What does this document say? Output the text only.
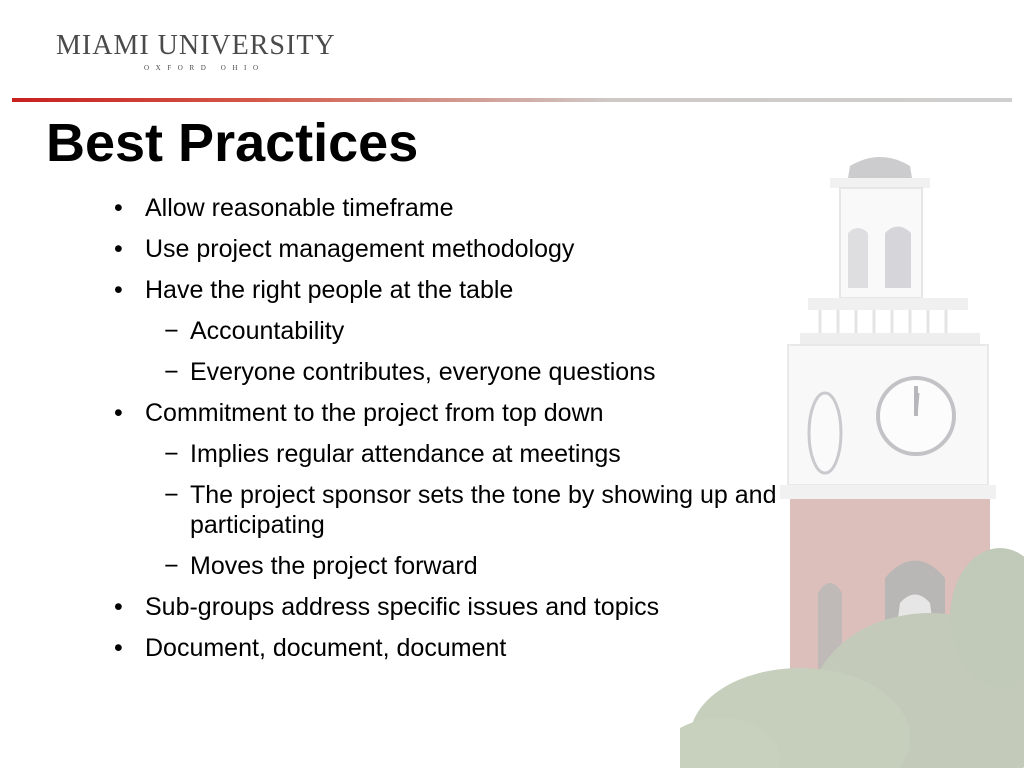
MIAMI UNIVERSITY
OXFORD OHIO
Best Practices
• Allow reasonable timeframe
• Use project management methodology
• Have the right people at the table
− Accountability
− Everyone contributes, everyone questions
• Commitment to the project from top down
− Implies regular attendance at meetings
− The project sponsor sets the tone by showing up and participating
− Moves the project forward
• Sub-groups address specific issues and topics
• Document, document, document
